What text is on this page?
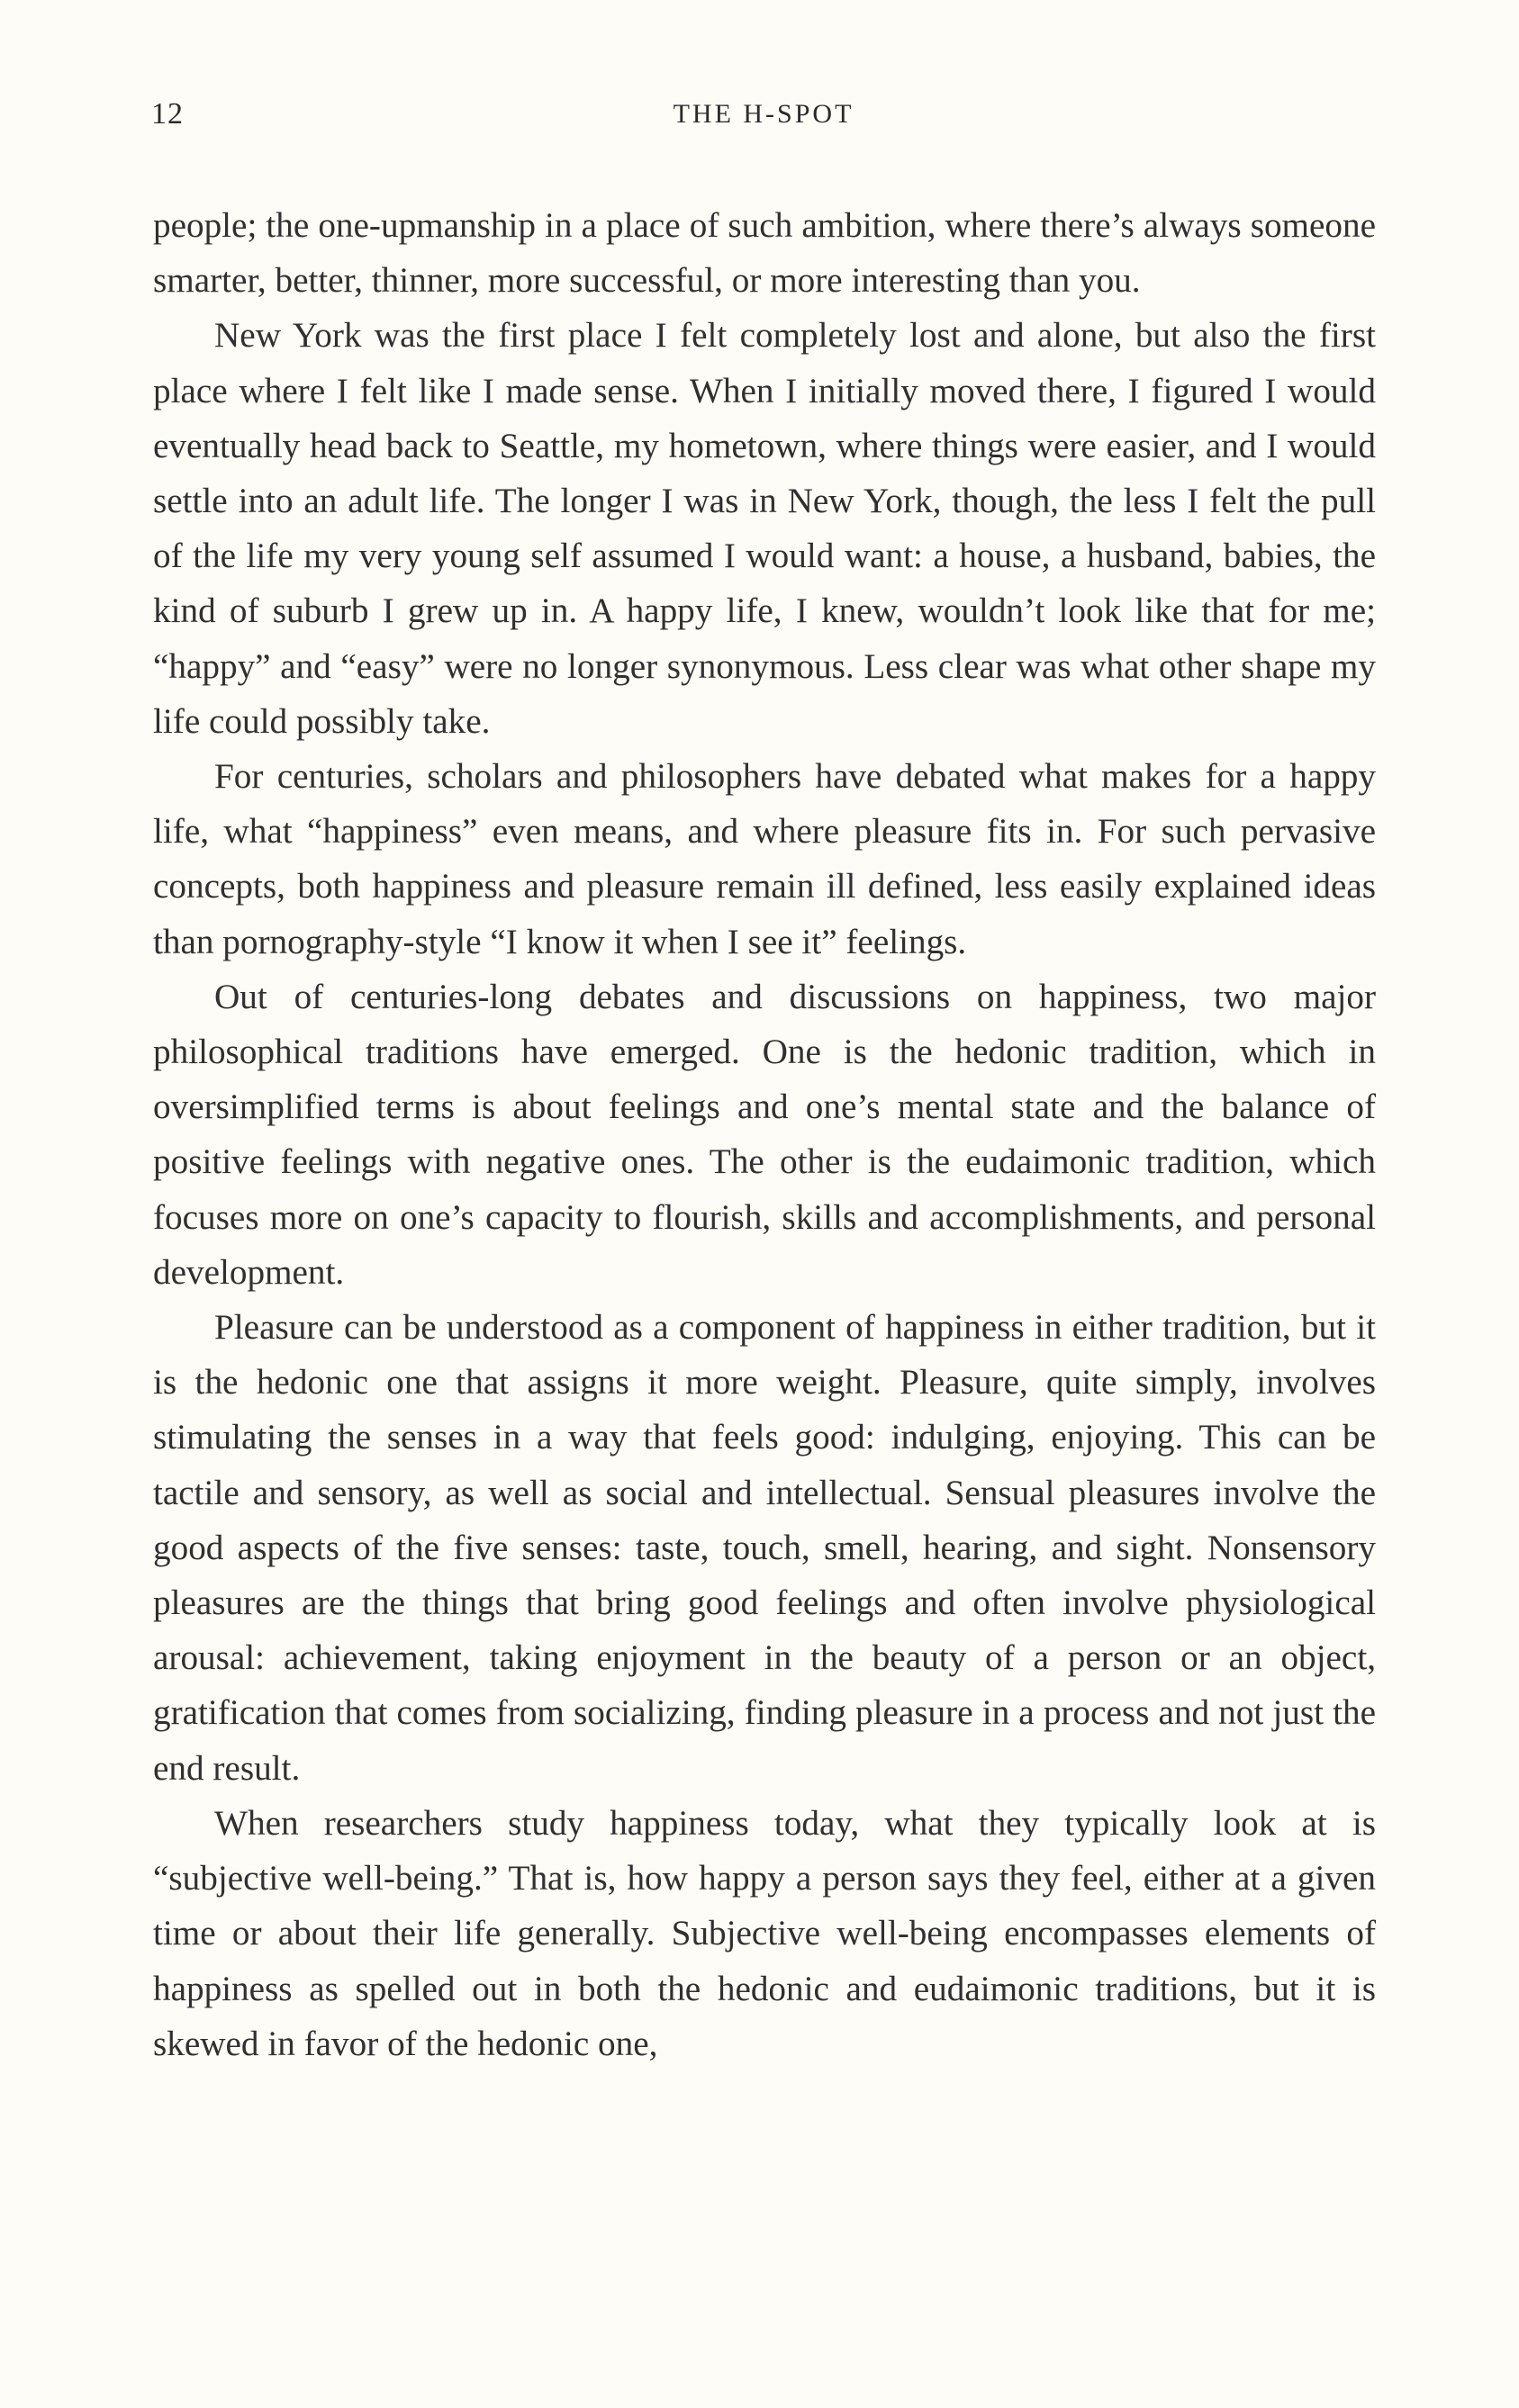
12	THE H-SPOT

people; the one-upmanship in a place of such ambition, where there’s always someone smarter, better, thinner, more successful, or more interesting than you.

New York was the first place I felt completely lost and alone, but also the first place where I felt like I made sense. When I initially moved there, I figured I would eventually head back to Seattle, my hometown, where things were easier, and I would settle into an adult life. The longer I was in New York, though, the less I felt the pull of the life my very young self assumed I would want: a house, a husband, babies, the kind of suburb I grew up in. A happy life, I knew, wouldn’t look like that for me; “happy” and “easy” were no longer synonymous. Less clear was what other shape my life could possibly take.

For centuries, scholars and philosophers have debated what makes for a happy life, what “happiness” even means, and where pleasure fits in. For such pervasive concepts, both happiness and pleasure remain ill defined, less easily explained ideas than pornography-style “I know it when I see it” feelings.

Out of centuries-long debates and discussions on happiness, two major philosophical traditions have emerged. One is the hedonic tradition, which in oversimplified terms is about feelings and one’s mental state and the balance of positive feelings with negative ones. The other is the eudaimonic tradition, which focuses more on one’s capacity to flourish, skills and accomplishments, and personal development.

Pleasure can be understood as a component of happiness in either tradition, but it is the hedonic one that assigns it more weight. Pleasure, quite simply, involves stimulating the senses in a way that feels good: indulging, enjoying. This can be tactile and sensory, as well as social and intellectual. Sensual pleasures involve the good aspects of the five senses: taste, touch, smell, hearing, and sight. Nonsensory pleasures are the things that bring good feelings and often involve physiological arousal: achievement, taking enjoyment in the beauty of a person or an object, gratification that comes from socializing, finding pleasure in a process and not just the end result.

When researchers study happiness today, what they typically look at is “subjective well-being.” That is, how happy a person says they feel, either at a given time or about their life generally. Subjective well-being encompasses elements of happiness as spelled out in both the hedonic and eudaimonic traditions, but it is skewed in favor of the hedonic one,
